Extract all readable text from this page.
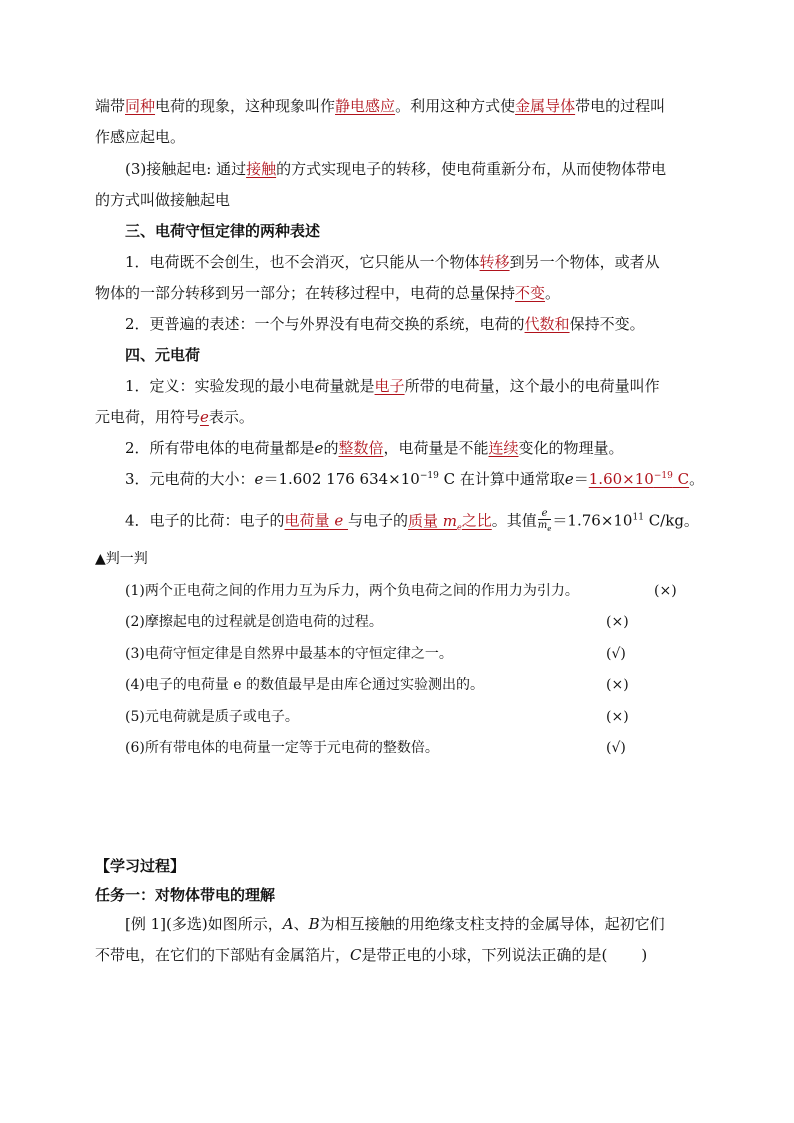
端带同种电荷的现象，这种现象叫作静电感应。利用这种方式使金属导体带电的过程叫
作感应起电。
(3)接触起电: 通过接触的方式实现电子的转移，使电荷重新分布，从而使物体带电
的方式叫做接触起电
三、电荷守恒定律的两种表述
1．电荷既不会创生，也不会消灭，它只能从一个物体转移到另一个物体，或者从
物体的一部分转移到另一部分；在转移过程中，电荷的总量保持不变。
2．更普遍的表述：一个与外界没有电荷交换的系统，电荷的代数和保持不变。
四、元电荷
1．定义：实验发现的最小电荷量就是电子所带的电荷量，这个最小的电荷量叫作
元电荷，用符号e表示。
2．所有带电体的电荷量都是e的整数倍，电荷量是不能连续变化的物理量。
3．元电荷的大小：e＝1.602 176 $634\times 10^{-19}$ C 在计算中通常取$e=1.60\times 10^{-19}$ C。
4．电子的比荷：电子的电荷量 e 与电子的质量 $m_e$之比。其值 $\frac{e}{m_e} =1.76\times 10^{11}$ C/kg。
▲判一判
(1)两个正电荷之间的作用力互为斥力，两个负电荷之间的作用力为引力。	(×)
(2)摩擦起电的过程就是创造电荷的过程。	(×)
(3)电荷守恒定律是自然界中最基本的守恒定律之一。	(√)
(4)电子的电荷量 e 的数值最早是由库仑通过实验测出的。	(×)
(5)元电荷就是质子或电子。	(×)
(6)所有带电体的电荷量一定等于元电荷的整数倍。	(√)
【学习过程】
任务一：对物体带电的理解
[例 1](多选)如图所示，A、B为相互接触的用绝缘支柱支持的金属导体，起初它们
不带电，在它们的下部贴有金属箔片，C是带正电的小球，下列说法正确的是( )
